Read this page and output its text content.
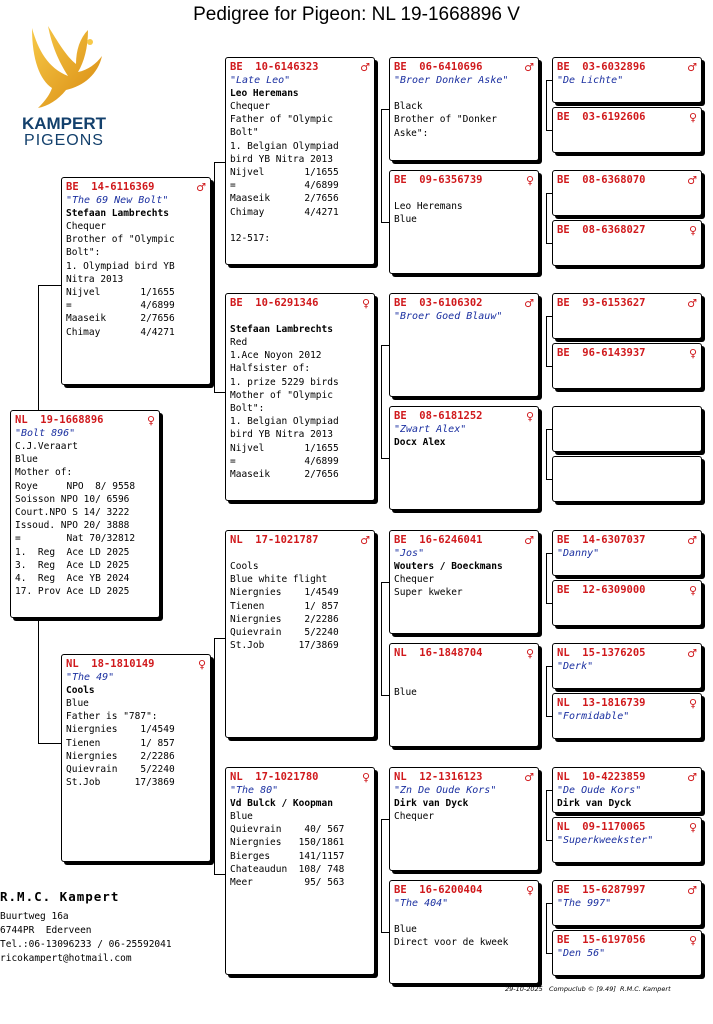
Pedigree for Pigeon: NL 19-1668896 V
KAMPERT
PIGEONS
NL  19-1668896	♀
"Bolt 896"
C.J.Veraart
Blue
Mother of:
Roye     NPO  8/ 9558
Soisson NPO 10/ 6596
Court.NPO S 14/ 3222
Issoud. NPO 20/ 3888
=        Nat 70/32812
1.  Reg  Ace LD 2025
3.  Reg  Ace LD 2025
4.  Reg  Ace YB 2024
17. Prov Ace LD 2025
BE  14-6116369	♂
"The 69 New Bolt"
Stefaan Lambrechts
Chequer
Brother of "Olympic
Bolt":
1. Olympiad bird YB
Nitra 2013
Nijvel       1/1655
=            4/6899
Maaseik      2/7656
Chimay       4/4271
NL  18-1810149	♀
"The 49"
Cools
Blue
Father is "787":
Niergnies    1/4549
Tienen       1/ 857
Niergnies    2/2286
Quievrain    5/2240
St.Job      17/3869
BE  10-6146323	♂
"Late Leo"
Leo Heremans
Chequer
Father of "Olympic
Bolt"
1. Belgian Olympiad
bird YB Nitra 2013
Nijvel       1/1655
=            4/6899
Maaseik      2/7656
Chimay       4/4271

12-517:
BE  10-6291346	♀

Stefaan Lambrechts
Red
1.Ace Noyon 2012
Halfsister of:
1. prize 5229 birds
Mother of "Olympic
Bolt":
1. Belgian Olympiad
bird YB Nitra 2013
Nijvel       1/1655
=            4/6899
Maaseik      2/7656
NL  17-1021787	♂

Cools
Blue white flight
Niergnies    1/4549
Tienen       1/ 857
Niergnies    2/2286
Quievrain    5/2240
St.Job      17/3869
NL  17-1021780	♀
"The 80"
Vd Bulck / Koopman
Blue
Quievrain    40/ 567
Niergnies   150/1861
Bierges     141/1157
Chateaudun  108/ 748
Meer         95/ 563
BE  06-6410696	♂
"Broer Donker Aske"

Black
Brother of "Donker
Aske":
BE  09-6356739	♀

Leo Heremans
Blue
BE  03-6106302	♂
"Broer Goed Blauw"
BE  08-6181252	♀
"Zwart Alex"
Docx Alex
BE  16-6246041	♂
"Jos"
Wouters / Boeckmans
Chequer
Super kweker
NL  16-1848704	♀

Blue
NL  12-1316123	♂
"Zn De Oude Kors"
Dirk van Dyck
Chequer
BE  16-6200404	♀
"The 404"

Blue
Direct voor de kweek
BE  03-6032896	♂
"De Lichte"
BE  03-6192606	♀
BE  08-6368070	♂
BE  08-6368027	♀
BE  93-6153627	♂
BE  96-6143937	♀
BE  14-6307037	♂
"Danny"
BE  12-6309000	♀
NL  15-1376205	♂
"Derk"
NL  13-1816739	♀
"Formidable"
NL  10-4223859	♂
"De Oude Kors"
Dirk van Dyck
NL  09-1170065	♀
"Superkweekster"
BE  15-6287997	♂
"The 997"
BE  15-6197056	♀
"Den 56"
R.M.C. Kampert
Buurtweg 16a
6744PR  Ederveen
Tel.:06-13096233 / 06-25592041
ricokampert@hotmail.com
29-10-2025   Compuclub © [9.49]  R.M.C. Kampert
